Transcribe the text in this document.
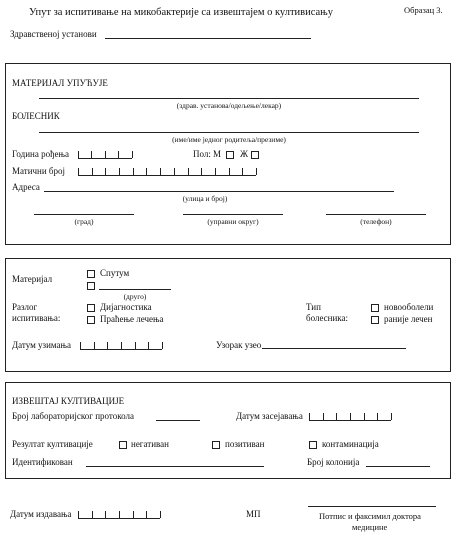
Упут за испитивање на микобактерије са извештајем о култивисању	Образац 3.
Здравственој установи
МАТЕРИЈАЛ УПУЋУЈЕ
(здрав. установа/одељење/лекар)
БОЛЕСНИК
(име/име једног родитеља/презиме)
Година рођења	Пол: М Ж
Матични број
Адреса
(улица и број)
(град)	(управни округ)	(телефон)
Материјал
Спутум
(друго)
Разлог
испитивања:
Дијагностика
Праћење лечења
Тип
болесника:
новооболели
раније лечен
Датум узимања	Узорак узео
ИЗВЕШТАЈ КУЛТИВАЦИЈЕ
Број лабораторијског протокола	Датум засејавања
Резултат култивације	негативан	позитиван	контаминација
Идентификован	Број колонија
Датум издавања	МП	Потпис и факсимил доктора
медицине
